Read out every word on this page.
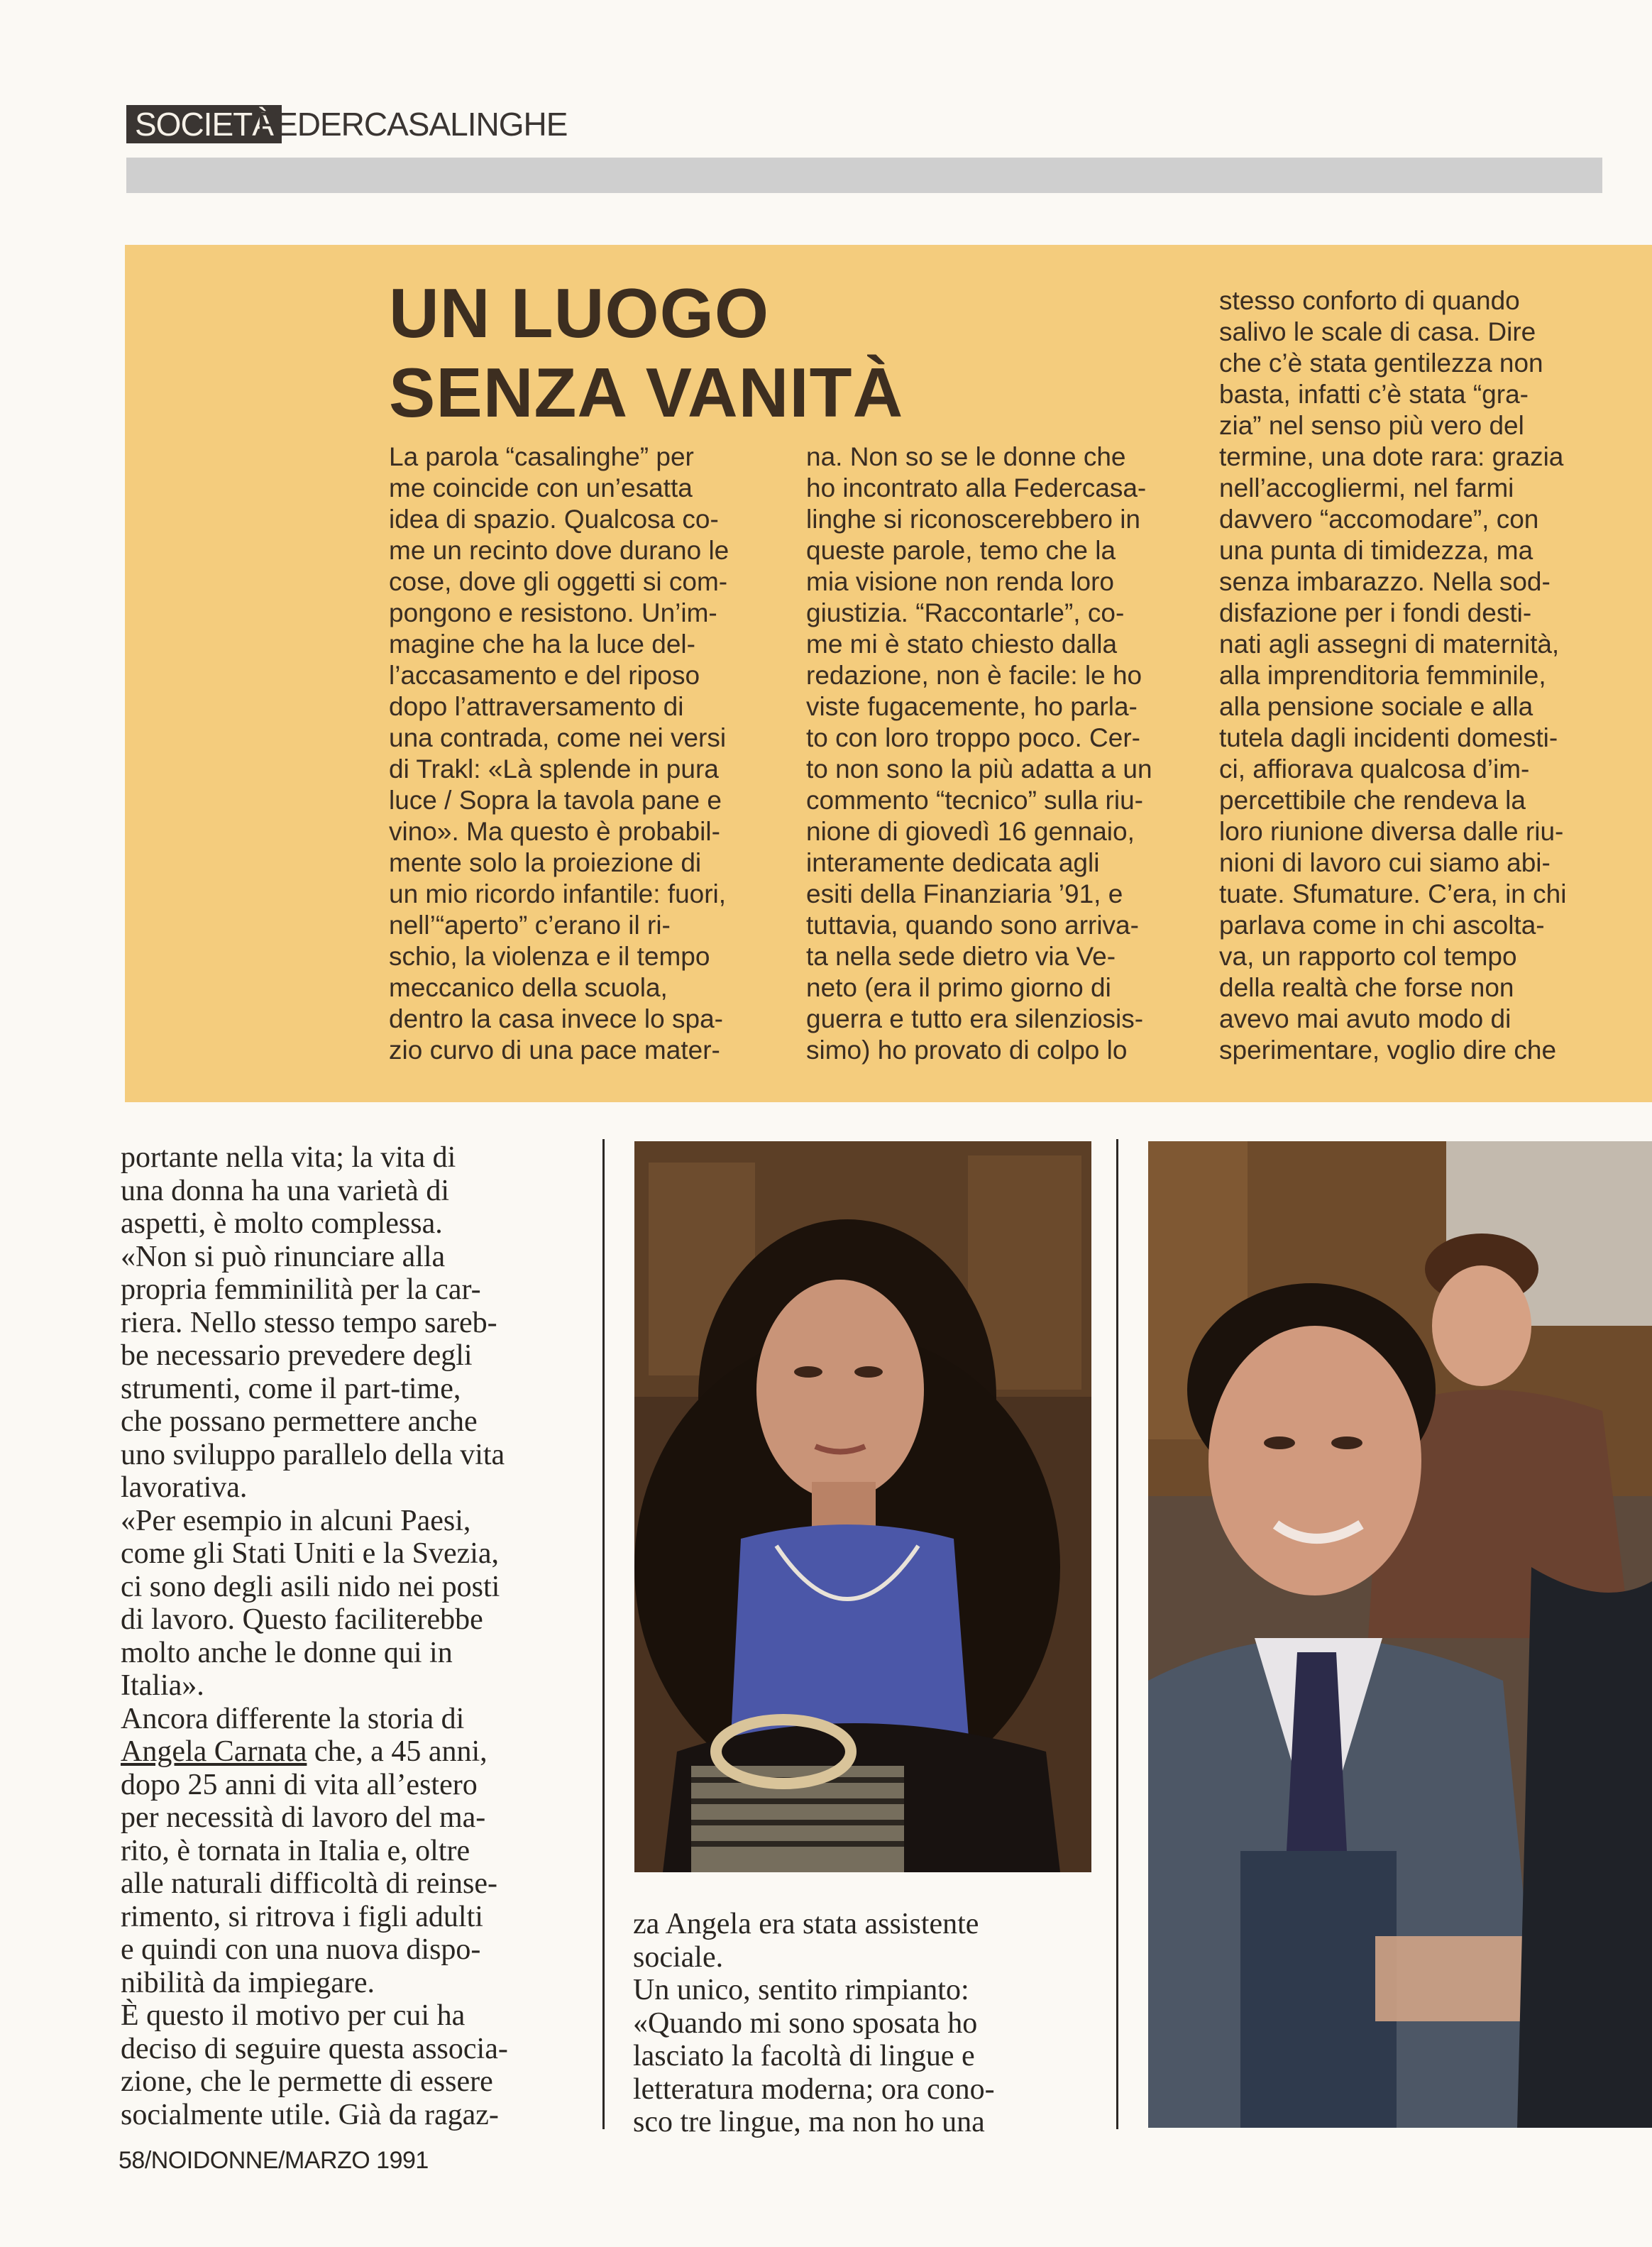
SOCIETÀ
FEDERCASALINGHE
UN LUOGO
SENZA VANITÀ

La parola “casalinghe” per

me coincide con un’esatta

idea di spazio. Qualcosa co-

me un recinto dove durano le

cose, dove gli oggetti si com-

pongono e resistono. Un’im-

magine che ha la luce del-

l’accasamento e del riposo

dopo l’attraversamento di

una contrada, come nei versi

di Trakl: «Là splende in pura

luce / Sopra la tavola pane e

vino». Ma questo è probabil-

mente solo la proiezione di

un mio ricordo infantile: fuori,

nell’“aperto” c’erano il ri-

schio, la violenza e il tempo

meccanico della scuola,

dentro la casa invece lo spa-

zio curvo di una pace mater-

na. Non so se le donne che

ho incontrato alla Federcasa-

linghe si riconoscerebbero in

queste parole, temo che la

mia visione non renda loro

giustizia. “Raccontarle”, co-

me mi è stato chiesto dalla

redazione, non è facile: le ho

viste fugacemente, ho parla-

to con loro troppo poco. Cer-

to non sono la più adatta a un

commento “tecnico” sulla riu-

nione di giovedì 16 gennaio,

interamente dedicata agli

esiti della Finanziaria ’91, e

tuttavia, quando sono arriva-

ta nella sede dietro via Ve-

neto (era il primo giorno di

guerra e tutto era silenziosis-

simo) ho provato di colpo lo

stesso conforto di quando

salivo le scale di casa. Dire

che c’è stata gentilezza non

basta, infatti c’è stata “gra-

zia” nel senso più vero del

termine, una dote rara: grazia

nell’accogliermi, nel farmi

davvero “accomodare”, con

una punta di timidezza, ma

senza imbarazzo. Nella sod-

disfazione per i fondi desti-

nati agli assegni di maternità,

alla imprenditoria femminile,

alla pensione sociale e alla

tutela dagli incidenti domesti-

ci, affiorava qualcosa d’im-

percettibile che rendeva la

loro riunione diversa dalle riu-

nioni di lavoro cui siamo abi-

tuate. Sfumature. C’era, in chi

parlava come in chi ascolta-

va, un rapporto col tempo

della realtà che forse non

avevo mai avuto modo di

sperimentare, voglio dire che

portante nella vita; la vita di

una donna ha una varietà di

aspetti, è molto complessa.

«Non si può rinunciare alla

propria femminilità per la car-

riera. Nello stesso tempo sareb-

be necessario prevedere degli

strumenti, come il part-time,

che possano permettere anche

uno sviluppo parallelo della vita

lavorativa.

«Per esempio in alcuni Paesi,

come gli Stati Uniti e la Svezia,

ci sono degli asili nido nei posti

di lavoro. Questo faciliterebbe

molto anche le donne qui in

Italia».

Ancora differente la storia di

Angela Carnata che, a 45 anni,

dopo 25 anni di vita all’estero

per necessità di lavoro del ma-

rito, è tornata in Italia e, oltre

alle naturali difficoltà di reinse-

rimento, si ritrova i figli adulti

e quindi con una nuova dispo-

nibilità da impiegare.

È questo il motivo per cui ha

deciso di seguire questa associa-

zione, che le permette di essere

socialmente utile. Già da ragaz-

za Angela era stata assistente

sociale.

Un unico, sentito rimpianto:

«Quando mi sono sposata ho

lasciato la facoltà di lingue e

letteratura moderna; ora cono-

sco tre lingue, ma non ho una

58/NOIDONNE/MARZO 1991
